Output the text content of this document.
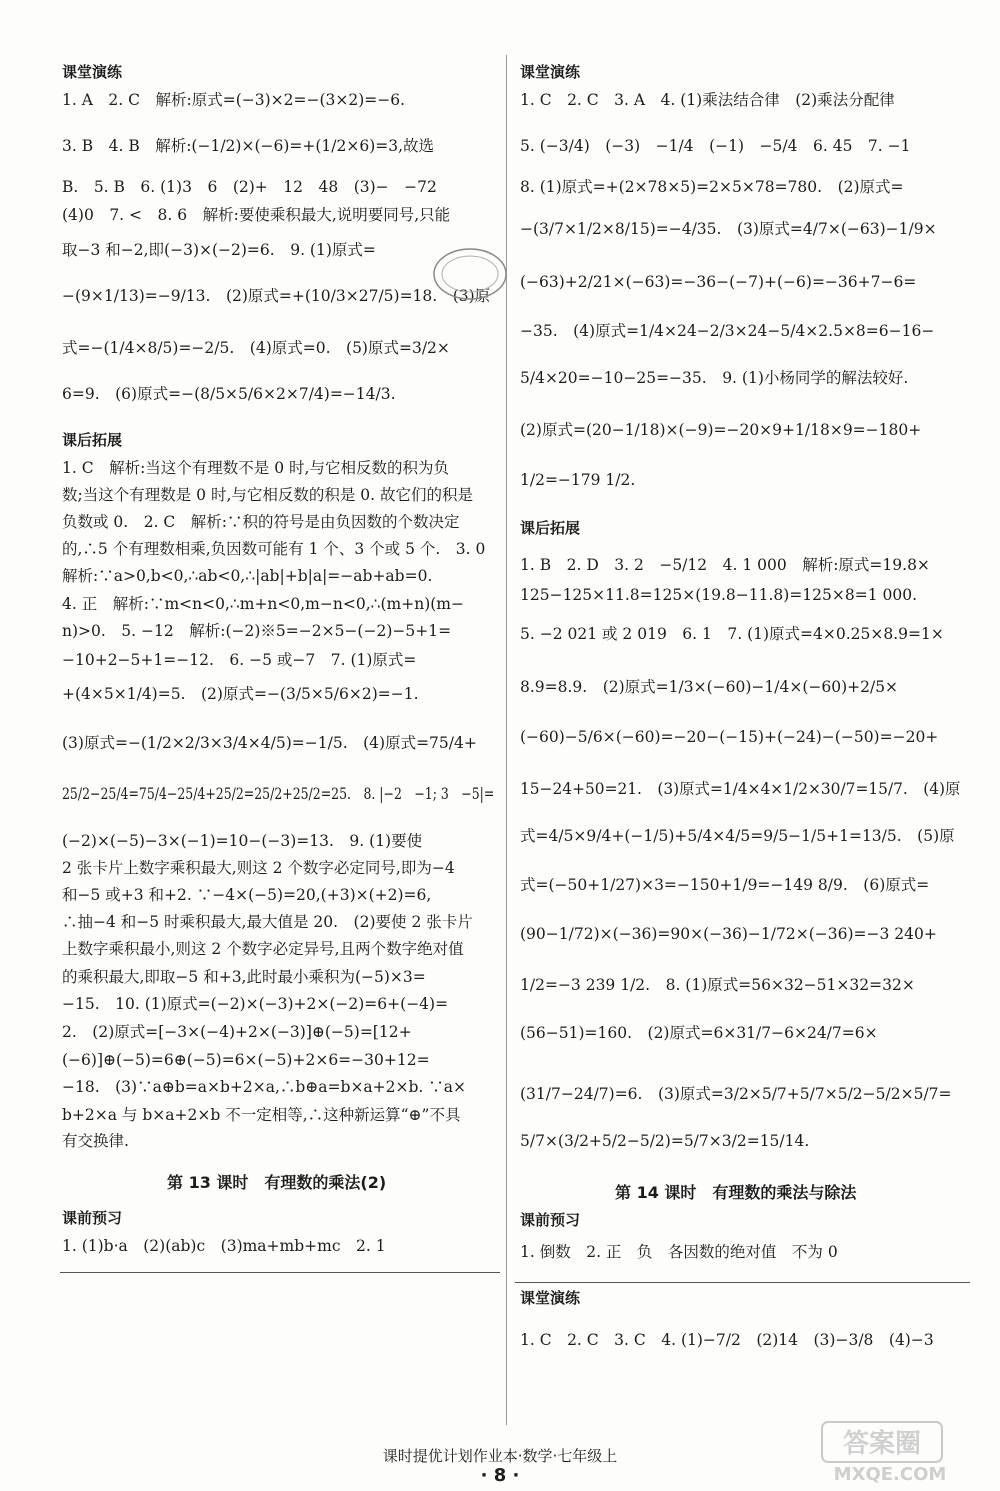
课堂演练
1. A　2. C　解析:原式=(−3)×2=−(3×2)=−6.
3. B　4. B　解析:(−1/2)×(−6)=+(1/2×6)=3,故选
B.　5. B　6. (1)3　6　(2)+　12　48　(3)−　−72
(4)0　7. <　8. 6　解析:要使乘积最大,说明要同号,只能
取−3 和−2,即(−3)×(−2)=6.　9. (1)原式=
−(9×1/13)=−9/13.　(2)原式=+(10/3×27/5)=18.　(3)原
式=−(1/4×8/5)=−2/5.　(4)原式=0.　(5)原式=3/2×
6=9.　(6)原式=−(8/5×5/6×2×7/4)=−14/3.
课后拓展
1. C　解析:当这个有理数不是 0 时,与它相反数的积为负
数;当这个有理数是 0 时,与它相反数的积是 0. 故它们的积是
负数或 0.　2. C　解析:∵积的符号是由负因数的个数决定
的,∴5 个有理数相乘,负因数可能有 1 个、3 个或 5 个.　3. 0
解析:∵a>0,b<0,∴ab<0,∴|ab|+b|a|=−ab+ab=0.
4. 正　解析:∵m<n<0,∴m+n<0,m−n<0,∴(m+n)(m−
n)>0.　5. −12　解析:(−2)※5=−2×5−(−2)−5+1=
−10+2−5+1=−12.　6. −5 或−7　7. (1)原式=
+(4×5×1/4)=5.　(2)原式=−(3/5×5/6×2)=−1.
(3)原式=−(1/2×2/3×3/4×4/5)=−1/5.　(4)原式=75/4+
25/2−25/4=75/4−25/4+25/2=25/2+25/2=25.　8. |−2　−1; 3　−5|=
(−2)×(−5)−3×(−1)=10−(−3)=13.　9. (1)要使
2 张卡片上数字乘积最大,则这 2 个数字必定同号,即为−4
和−5 或+3 和+2. ∵−4×(−5)=20,(+3)×(+2)=6,
∴抽−4 和−5 时乘积最大,最大值是 20.　(2)要使 2 张卡片
上数字乘积最小,则这 2 个数字必定异号,且两个数字绝对值
的乘积最大,即取−5 和+3,此时最小乘积为(−5)×3=
−15.　10. (1)原式=(−2)×(−3)+2×(−2)=6+(−4)=
2.　(2)原式=[−3×(−4)+2×(−3)]⊕(−5)=[12+
(−6)]⊕(−5)=6⊕(−5)=6×(−5)+2×6=−30+12=
−18.　(3)∵a⊕b=a×b+2×a,∴b⊕a=b×a+2×b. ∵a×
b+2×a 与 b×a+2×b 不一定相等,∴这种新运算“⊕”不具
有交换律.
第 13 课时　有理数的乘法(2)
课前预习
1. (1)b·a　(2)(ab)c　(3)ma+mb+mc　2. 1
课堂演练
1. C　2. C　3. A　4. (1)乘法结合律　(2)乘法分配律
5. (−3/4)　(−3)　−1/4　(−1)　−5/4　6. 45　7. −1
8. (1)原式=+(2×78×5)=2×5×78=780.　(2)原式=
−(3/7×1/2×8/15)=−4/35.　(3)原式=4/7×(−63)−1/9×
(−63)+2/21×(−63)=−36−(−7)+(−6)=−36+7−6=
−35.　(4)原式=1/4×24−2/3×24−5/4×2.5×8=6−16−
5/4×20=−10−25=−35.　9. (1)小杨同学的解法较好.
(2)原式=(20−1/18)×(−9)=−20×9+1/18×9=−180+
1/2=−179 1/2.
课后拓展
1. B　2. D　3. 2　−5/12　4. 1 000　解析:原式=19.8×
125−125×11.8=125×(19.8−11.8)=125×8=1 000.
5. −2 021 或 2 019　6. 1　7. (1)原式=4×0.25×8.9=1×
8.9=8.9.　(2)原式=1/3×(−60)−1/4×(−60)+2/5×
(−60)−5/6×(−60)=−20−(−15)+(−24)−(−50)=−20+
15−24+50=21.　(3)原式=1/4×4×1/2×30/7=15/7.　(4)原
式=4/5×9/4+(−1/5)+5/4×4/5=9/5−1/5+1=13/5.　(5)原
式=(−50+1/27)×3=−150+1/9=−149 8/9.　(6)原式=
(90−1/72)×(−36)=90×(−36)−1/72×(−36)=−3 240+
1/2=−3 239 1/2.　8. (1)原式=56×32−51×32=32×
(56−51)=160.　(2)原式=6×31/7−6×24/7=6×
(31/7−24/7)=6.　(3)原式=3/2×5/7+5/7×5/2−5/2×5/7=
5/7×(3/2+5/2−5/2)=5/7×3/2=15/14.
第 14 课时　有理数的乘法与除法
课前预习
1. 倒数　2. 正　负　各因数的绝对值　不为 0
课堂演练
1. C　2. C　3. C　4. (1)−7/2　(2)14　(3)−3/8　(4)−3
课时提优计划作业本·数学·七年级上
· 8 ·
答案圈
MXQE.COM
